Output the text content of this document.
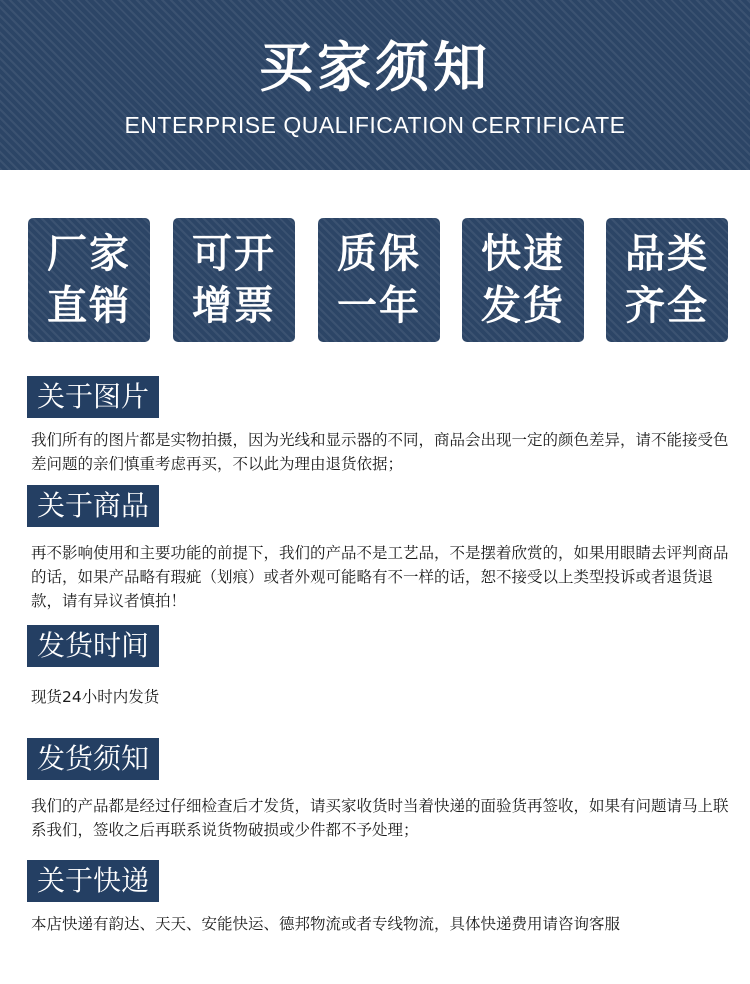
买家须知
ENTERPRISE QUALIFICATION CERTIFICATE
厂家
直销
可开
增票
质保
一年
快速
发货
品类
齐全
关于图片

我们所有的图片都是实物拍摄，因为光线和显示器的不同，商品会出现一定的颜色差异，请不能接受色差问题的亲们慎重考虑再买，不以此为理由退货依据；

关于商品

再不影响使用和主要功能的前提下，我们的产品不是工艺品，不是摆着欣赏的，如果用眼睛去评判商品的话，如果产品略有瑕疵（划痕）或者外观可能略有不一样的话，恕不接受以上类型投诉或者退货退款，请有异议者慎拍！

发货时间

现货24小时内发货

发货须知

我们的产品都是经过仔细检查后才发货，请买家收货时当着快递的面验货再签收，如果有问题请马上联系我们，签收之后再联系说货物破损或少件都不予处理；

关于快递

本店快递有韵达、天天、安能快运、德邦物流或者专线物流，具体快递费用请咨询客服
